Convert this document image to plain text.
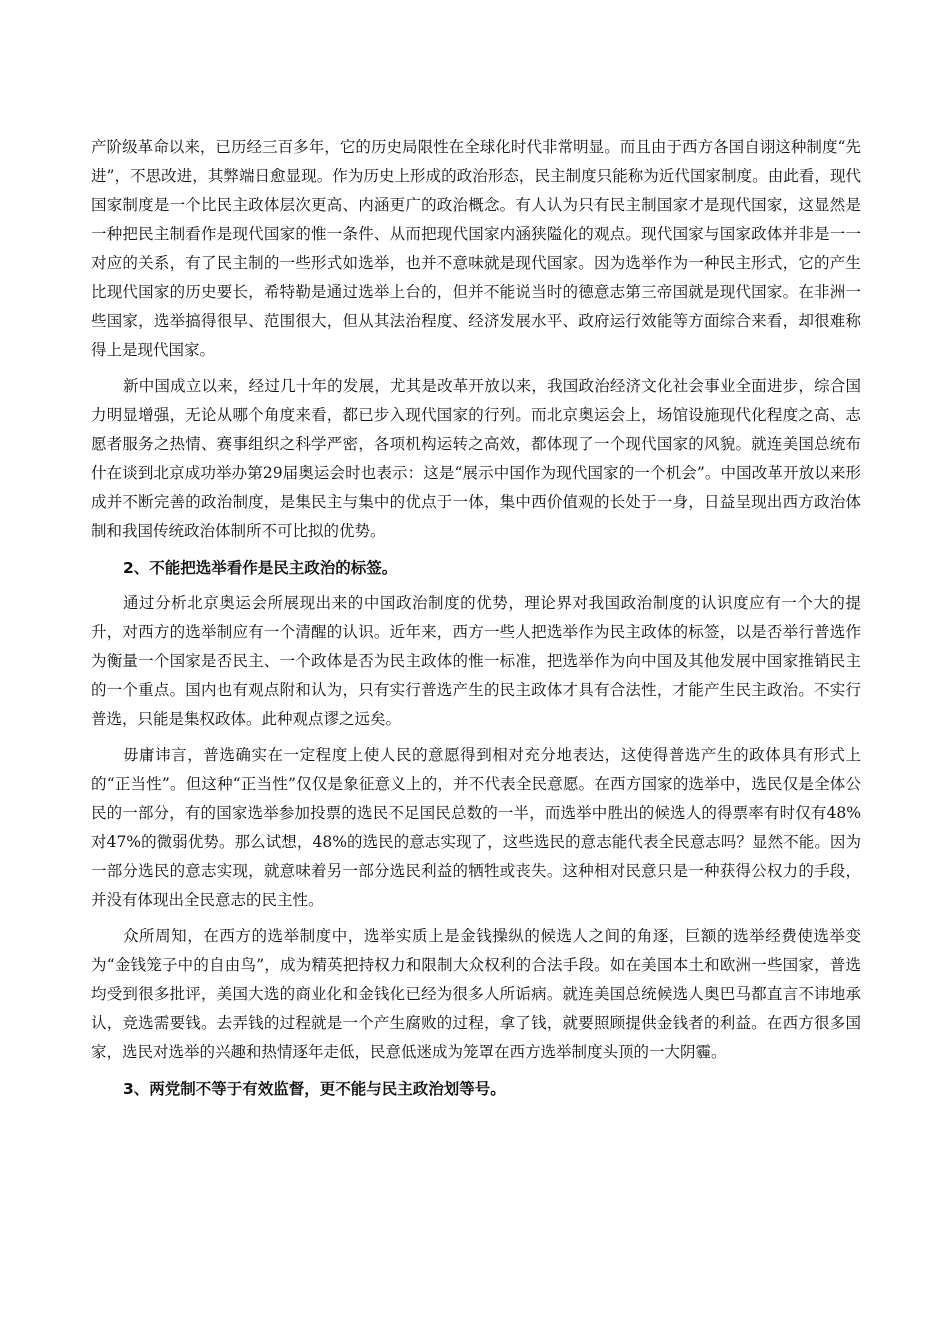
产阶级革命以来，已历经三百多年，它的历史局限性在全球化时代非常明显。而且由于西方各国自诩这种制度“先进”，不思改进，其弊端日愈显现。作为历史上形成的政治形态，民主制度只能称为近代国家制度。由此看，现代国家制度是一个比民主政体层次更高、内涵更广的政治概念。有人认为只有民主制国家才是现代国家，这显然是一种把民主制看作是现代国家的惟一条件、从而把现代国家内涵狭隘化的观点。现代国家与国家政体并非是一一对应的关系，有了民主制的一些形式如选举，也并不意味就是现代国家。因为选举作为一种民主形式，它的产生比现代国家的历史要长，希特勒是通过选举上台的，但并不能说当时的德意志第三帝国就是现代国家。在非洲一些国家，选举搞得很早、范围很大，但从其法治程度、经济发展水平、政府运行效能等方面综合来看，却很难称得上是现代国家。

新中国成立以来，经过几十年的发展，尤其是改革开放以来，我国政治经济文化社会事业全面进步，综合国力明显增强，无论从哪个角度来看，都已步入现代国家的行列。而北京奥运会上，场馆设施现代化程度之高、志愿者服务之热情、赛事组织之科学严密，各项机构运转之高效，都体现了一个现代国家的风貌。就连美国总统布什在谈到北京成功举办第29届奥运会时也表示：这是“展示中国作为现代国家的一个机会”。中国改革开放以来形成并不断完善的政治制度，是集民主与集中的优点于一体，集中西价值观的长处于一身，日益呈现出西方政治体制和我国传统政治体制所不可比拟的优势。

2、不能把选举看作是民主政治的标签。

通过分析北京奥运会所展现出来的中国政治制度的优势，理论界对我国政治制度的认识度应有一个大的提升，对西方的选举制应有一个清醒的认识。近年来，西方一些人把选举作为民主政体的标签，以是否举行普选作为衡量一个国家是否民主、一个政体是否为民主政体的惟一标准，把选举作为向中国及其他发展中国家推销民主的一个重点。国内也有观点附和认为，只有实行普选产生的民主政体才具有合法性，才能产生民主政治。不实行普选，只能是集权政体。此种观点谬之远矣。

毋庸讳言，普选确实在一定程度上使人民的意愿得到相对充分地表达，这使得普选产生的政体具有形式上的“正当性”。但这种“正当性”仅仅是象征意义上的，并不代表全民意愿。在西方国家的选举中，选民仅是全体公民的一部分，有的国家选举参加投票的选民不足国民总数的一半，而选举中胜出的候选人的得票率有时仅有48%对47%的微弱优势。那么试想，48%的选民的意志实现了，这些选民的意志能代表全民意志吗？显然不能。因为一部分选民的意志实现，就意味着另一部分选民利益的牺牲或丧失。这种相对民意只是一种获得公权力的手段，并没有体现出全民意志的民主性。

众所周知，在西方的选举制度中，选举实质上是金钱操纵的候选人之间的角逐，巨额的选举经费使选举变为“金钱笼子中的自由鸟”，成为精英把持权力和限制大众权利的合法手段。如在美国本土和欧洲一些国家，普选均受到很多批评，美国大选的商业化和金钱化已经为很多人所诟病。就连美国总统候选人奥巴马都直言不讳地承认，竞选需要钱。去弄钱的过程就是一个产生腐败的过程，拿了钱，就要照顾提供金钱者的利益。在西方很多国家，选民对选举的兴趣和热情逐年走低，民意低迷成为笼罩在西方选举制度头顶的一大阴霾。

3、两党制不等于有效监督，更不能与民主政治划等号。
